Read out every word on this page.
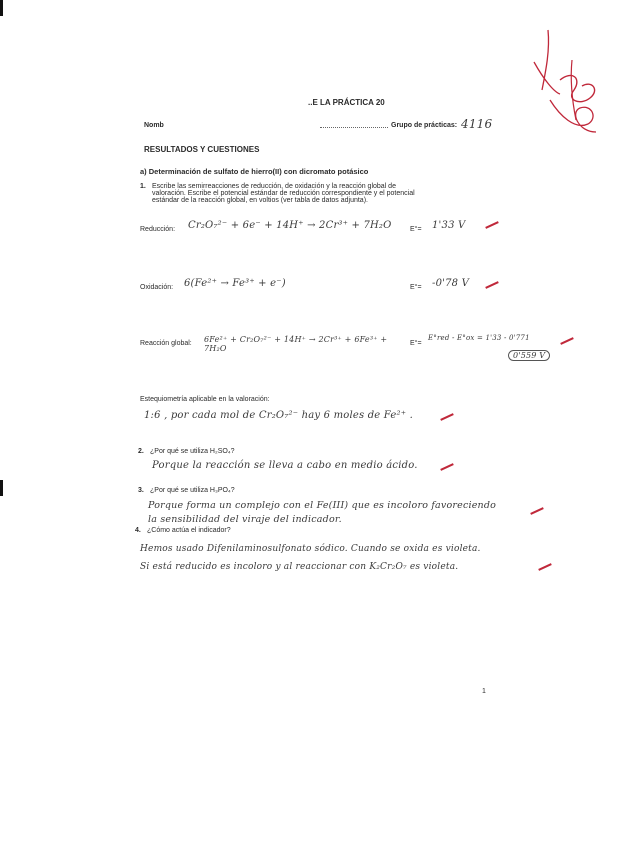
..E LA PRÁCTICA 20
Nomb	Grupo de prácticas: 4116
RESULTADOS Y CUESTIONES
a) Determinación de sulfato de hierro(II) con dicromato potásico
1. Escribe las semirreacciones de reducción, de oxidación y la reacción global de
valoración. Escribe el potencial estándar de reducción correspondiente y el potencial
estándar de la reacción global, en voltios (ver tabla de datos adjunta).
Reducción: Cr₂O₇²⁻ + 6e⁻ + 14H⁺ → 2Cr³⁺ + 7H₂O	E°= 1'33 V
Oxidación: 6(Fe²⁺ → Fe³⁺ + e⁻)	E°= -0'78 V
Reacción global: 6Fe²⁺ + Cr₂O₇²⁻ + 14H⁺ → 2Cr³⁺ + 6Fe³⁺ + 7H₂O
E°=
E°red - E°ox = 1'33 - 0'771
0'559 V
Estequiometría aplicable en la valoración:
1:6 , por cada mol de Cr₂O₇²⁻ hay 6 moles de Fe²⁺ .
2. ¿Por qué se utiliza H₂SO₄?
Porque la reacción se lleva a cabo en medio ácido.
3. ¿Por qué se utiliza H₃PO₄?
Porque forma un complejo con el Fe(III) que es incoloro favoreciendo
la sensibilidad del viraje del indicador.
4. ¿Cómo actúa el indicador?
Hemos usado Difenilaminosulfonato sódico. Cuando se oxida es violeta.
Si está reducido es incoloro y al reaccionar con K₂Cr₂O₇ es violeta.
1
